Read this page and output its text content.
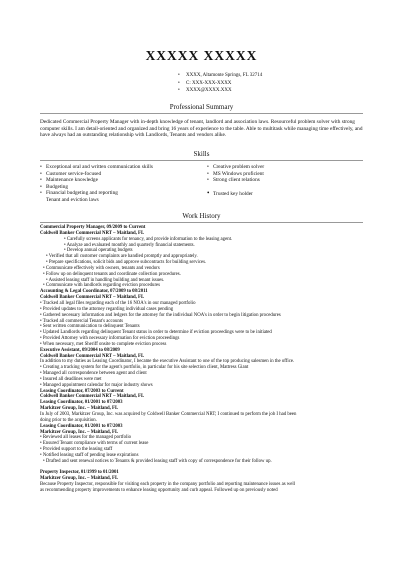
XXXXX XXXXX
•	XXXX, Altamonte Springs, FL 32714
•	C: XXX-XXX-XXXX
•	XXXX@XXXX.XXX
Professional Summary
Dedicated Commercial Property Manager with in-depth knowledge of tenant, landlord and association laws. Resourceful problem solver with strong computer skills. I am detail-oriented and organized and bring 16 years of experience to the table. Able to multitask while managing time effectively, and have always had an outstanding relationship with Landlords, Tenants and vendors alike.
Skills
• Exceptional oral and written communication skills
• Customer service-focused
• Maintenance knowledge
• Budgeting
• Financial budgeting and reporting
Tenant and eviction laws
• Creative problem solver
• MS Windows proficient
• Strong client relations

• Trusted key holder
Work History
Commercial Property Manager, 09/2009 to Current
Coldwell Banker Commercial NRT – Maitland, FL
• Carefully screens applicants for tenancy, and provide information to the leasing agent.
• Analyze and evaluated monthly and quarterly financial statements.
• Develop annual operating budgets
• Verified that all customer complaints are handled promptly and appropriately.
• Prepare specifications, solicit bids and approve subcontracts for building services.
• Communicate effectively with owners, tenants and vendors
• Follow up on delinquent tenants and coordinate collection procedures.
• Assisted leasing staff in handling building and tenant issues.
• Communicate with landlords regarding eviction procedures
Accounting & Legal Coordinator, 07/2009 to 08/2011
Coldwell Banker Commercial NRT – Maitland, FL
• Tracked all legal files regarding each of the 16 NOA's in our managed portfolio
• Provided updates to the attorney regarding individual cases pending
• Gathered necessary information and ledgers for the attorney for the individual NOA's in order to begin litigation procedures
• Tracked all commercial Tenant's accounts
• Sent written communication to delinquent Tenants
• Updated Landlords regarding delinquent Tenant status in order to determine if eviction proceedings were to be initiated
• Provided Attorney with necessary information for eviction proceedings
• When necessary, met Sheriff onsite to complete eviction process
Executive Assistant, 09/2004 to 08/2009
Coldwell Banker Commercial NRT – Maitland, FL
In addition to my duties as Leasing Coordinator, I became the executive Assistant to one of the top producing salesmen in the office.
• Creating a tracking system for the agent's portfolio, in particular for his site selection client, Mattress Giant
• Managed all correspondence between agent and client
• Insured all deadlines were met
• Managed appointment calendar for major industry shows
Leasing Coordinator, 07/2003 to Current
Coldwell Banker Commercial NRT – Maitland, FL
Leasing Coordinator, 01/2001 to 07/2003
Markitzer Group, Inc. – Maitland, FL
In July of 2003, Markitzer Group, Inc. was acquired by Coldwell Banker Commercial NRT; I continued to perform the job I had been
doing prior to the acquisition.
Leasing Coordinator, 01/2001 to 07/2003
Markitzer Group, Inc. – Maitland, FL
• Reviewed all leases for the managed portfolio
• Ensured Tenant compliance with terms of current lease
• Provided support to the leasing staff
• Notified leasing staff of pending lease expirations
• Drafted and sent renewal notices to Tenants & provided leasing staff with copy of correspondence for their follow up.

Property Inspector, 01/1999 to 01/2001
Markitzer Group, Inc. – Maitland, FL
Because Property Inspector, responsible for visiting each property in the company portfolio and reporting maintenance issues as well
as recommending property improvements to enhance leasing opportunity and curb appeal. Followed up on previously noted
